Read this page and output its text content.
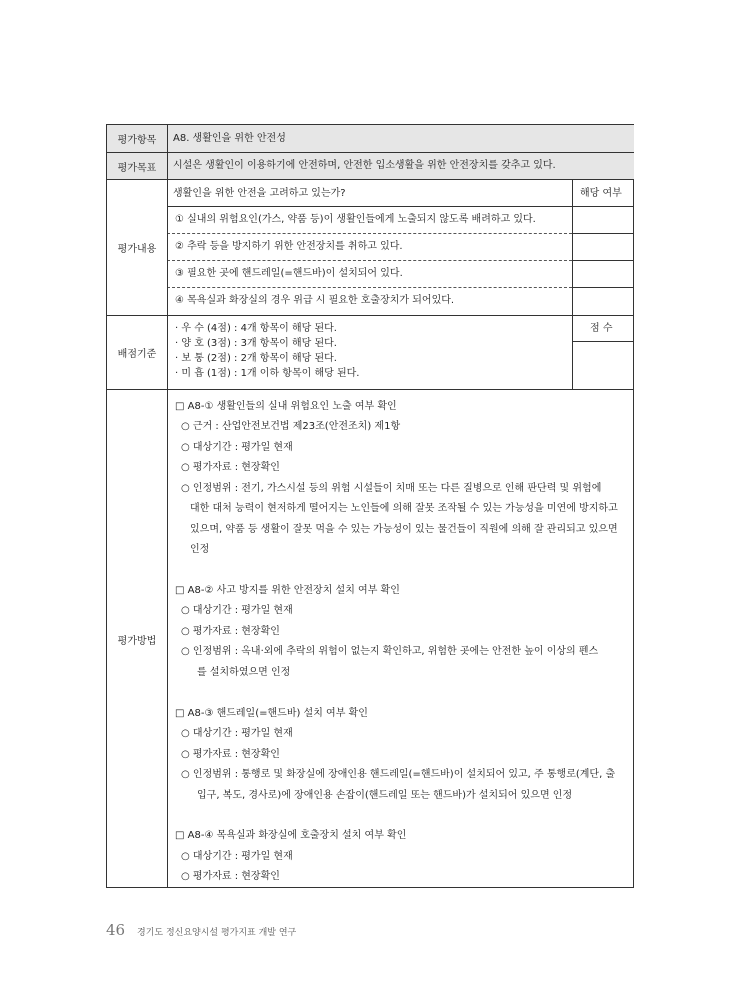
평가항목 A8. 생활인을 위한 안전성
평가목표 시설은 생활인이 이용하기에 안전하며, 안전한 입소생활을 위한 안전장치를 갖추고 있다.
평가내용
생활인을 위한 안전을 고려하고 있는가?	해당 여부
① 실내의 위험요인(가스, 약품 등)이 생활인들에게 노출되지 않도록 배려하고 있다.
② 추락 등을 방지하기 위한 안전장치를 취하고 있다.
③ 필요한 곳에 핸드레일(=핸드바)이 설치되어 있다.
④ 목욕실과 화장실의 경우 위급 시 필요한 호출장치가 되어있다.
배점기준
· 우 수 (4점) : 4개 항목이 해당 된다.
· 양 호 (3점) : 3개 항목이 해당 된다.
· 보 통 (2점) : 2개 항목이 해당 된다.
· 미 흡 (1점) : 1개 이하 항목이 해당 된다.
점 수
평가방법
□ A8-① 생활인들의 실내 위험요인 노출 여부 확인
○ 근거 : 산업안전보건법 제23조(안전조치) 제1항
○ 대상기간 : 평가일 현재
○ 평가자료 : 현장확인
○ 인정범위 : 전기, 가스시설 등의 위험 시설들이 치매 또는 다른 질병으로 인해 판단력 및 위험에
대한 대처 능력이 현저하게 떨어지는 노인들에 의해 잘못 조작될 수 있는 가능성을 미연에 방지하고
있으며, 약품 등 생활이 잘못 먹을 수 있는 가능성이 있는 물건들이 직원에 의해 잘 관리되고 있으면
인정
□ A8-② 사고 방지를 위한 안전장치 설치 여부 확인
○ 대상기간 : 평가일 현재
○ 평가자료 : 현장확인
○ 인정범위 : 옥내·외에 추락의 위험이 없는지 확인하고, 위험한 곳에는 안전한 높이 이상의 펜스
를 설치하였으면 인정
□ A8-③ 핸드레일(=핸드바) 설치 여부 확인
○ 대상기간 : 평가일 현재
○ 평가자료 : 현장확인
○ 인정범위 : 통행로 및 화장실에 장애인용 핸드레일(=핸드바)이 설치되어 있고, 주 통행로(계단, 출
입구, 복도, 경사로)에 장애인용 손잡이(핸드레일 또는 핸드바)가 설치되어 있으면 인정
□ A8-④ 목욕실과 화장실에 호출장치 설치 여부 확인
○ 대상기간 : 평가일 현재
○ 평가자료 : 현장확인
46 경기도 정신요양시설 평가지표 개발 연구
